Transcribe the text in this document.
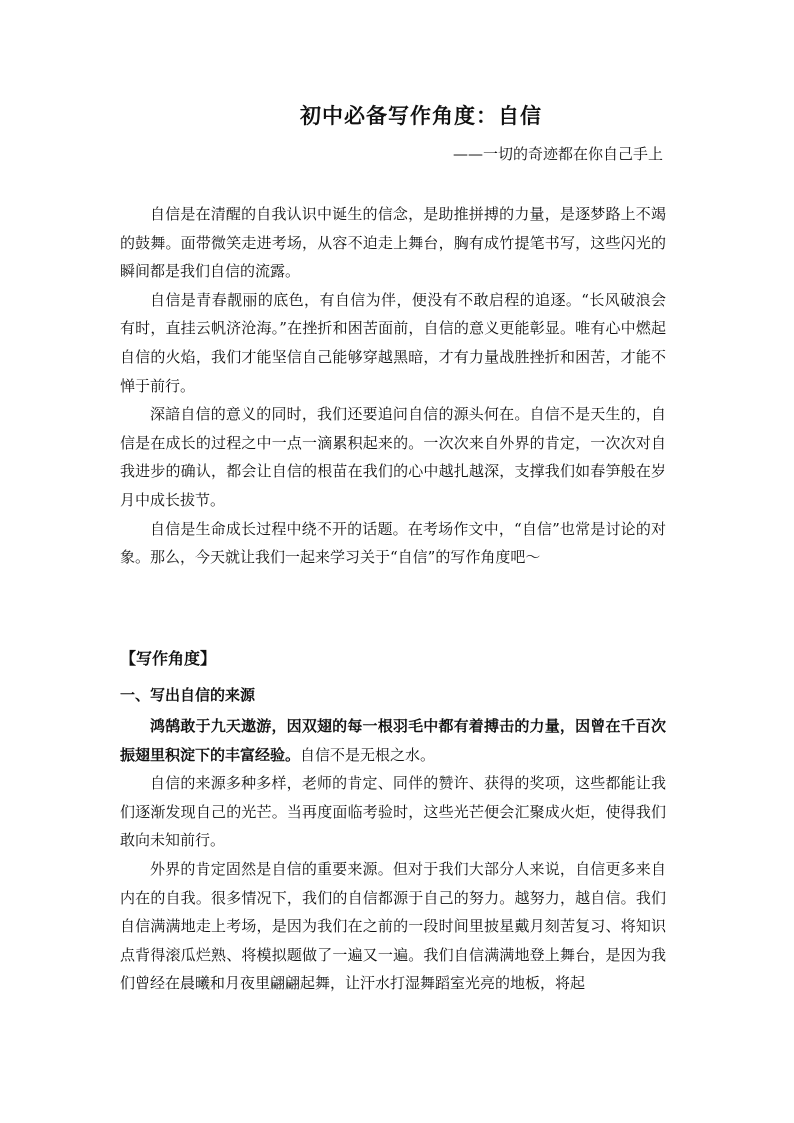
初中必备写作角度：自信
——一切的奇迹都在你自己手上

自信是在清醒的自我认识中诞生的信念，是助推拼搏的力量，是逐梦路上不竭的鼓舞。面带微笑走进考场，从容不迫走上舞台，胸有成竹提笔书写，这些闪光的瞬间都是我们自信的流露。

自信是青春靓丽的底色，有自信为伴，便没有不敢启程的追逐。“长风破浪会有时，直挂云帆济沧海。”在挫折和困苦面前，自信的意义更能彰显。唯有心中燃起自信的火焰，我们才能坚信自己能够穿越黑暗，才有力量战胜挫折和困苦，才能不惮于前行。

深諳自信的意义的同时，我们还要追问自信的源头何在。自信不是天生的，自信是在成长的过程之中一点一滴累积起来的。一次次来自外界的肯定，一次次对自我进步的确认，都会让自信的根苗在我们的心中越扎越深，支撑我们如春笋般在岁月中成长拔节。

自信是生命成长过程中绕不开的话题。在考场作文中，“自信”也常是讨论的对象。那么，今天就让我们一起来学习关于“自信”的写作角度吧～

【写作角度】
一、写出自信的来源

鸿鹄敢于九天遨游，因双翅的每一根羽毛中都有着搏击的力量，因曾在千百次振翅里积淀下的丰富经验。自信不是无根之水。

自信的来源多种多样，老师的肯定、同伴的赞许、获得的奖项，这些都能让我们逐渐发现自己的光芒。当再度面临考验时，这些光芒便会汇聚成火炬，使得我们敢向未知前行。

外界的肯定固然是自信的重要来源。但对于我们大部分人来说，自信更多来自内在的自我。很多情况下，我们的自信都源于自己的努力。越努力，越自信。我们自信满满地走上考场，是因为我们在之前的一段时间里披星戴月刻苦复习、将知识点背得滚瓜烂熟、将模拟题做了一遍又一遍。我们自信满满地登上舞台，是因为我们曾经在晨曦和月夜里翩翩起舞，让汗水打湿舞蹈室光亮的地板，将起
